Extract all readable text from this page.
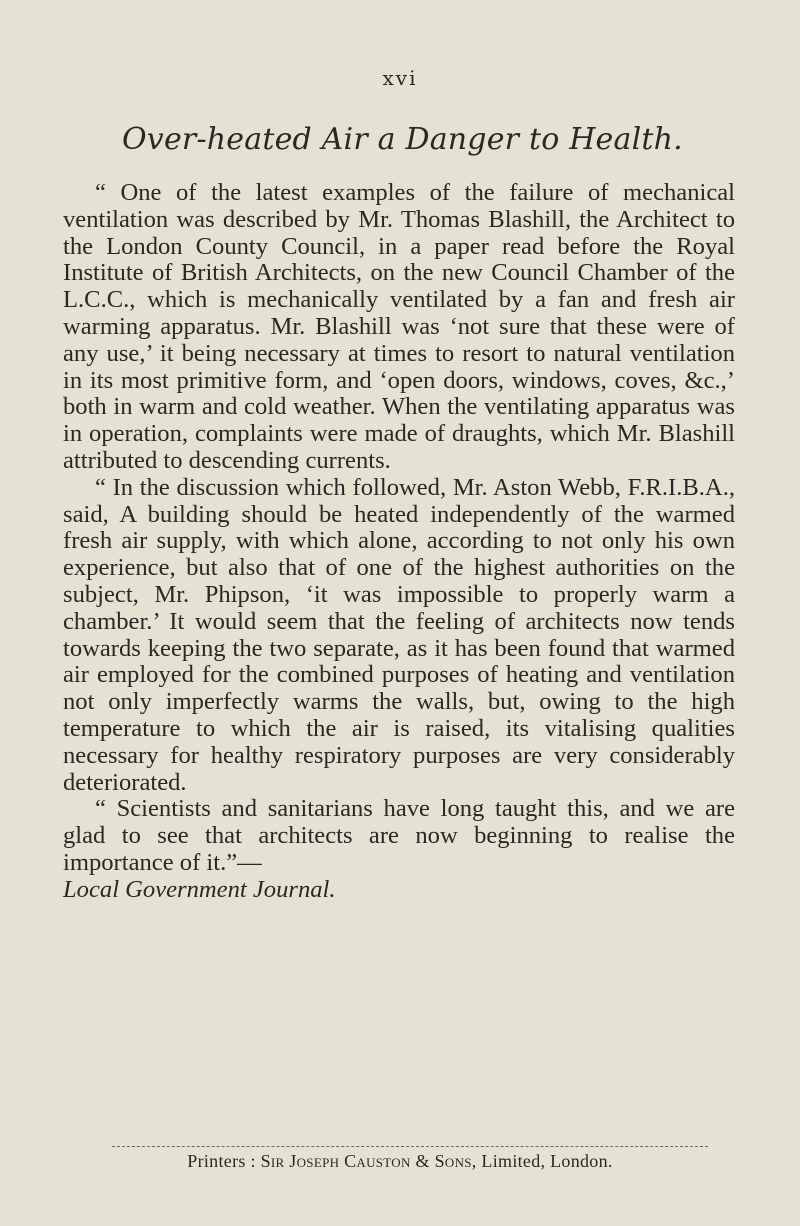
xvi
Over-heated Air a Danger to Health.

“ One of the latest examples of the failure of mechanical ventilation was described by Mr. Thomas Blashill, the Architect to the London County Council, in a paper read before the Royal Institute of British Architects, on the new Council Chamber of the L.C.C., which is mechanically ventilated by a fan and fresh air warming apparatus. Mr. Blashill was ‘not sure that these were of any use,’ it being necessary at times to resort to natural ventilation in its most primitive form, and ‘open doors, windows, coves, &c.,’ both in warm and cold weather. When the ventilating apparatus was in operation, complaints were made of draughts, which Mr. Blashill attributed to descending currents.

“ In the discussion which followed, Mr. Aston Webb, F.R.I.B.A., said, A building should be heated independently of the warmed fresh air supply, with which alone, according to not only his own experience, but also that of one of the highest authorities on the subject, Mr. Phipson, ‘it was impossible to properly warm a chamber.’ It would seem that the feeling of architects now tends towards keeping the two separate, as it has been found that warmed air employed for the combined purposes of heating and ventilation not only imperfectly warms the walls, but, owing to the high temperature to which the air is raised, its vitalising qualities necessary for healthy respiratory purposes are very considerably deteriorated.

“ Scientists and sanitarians have long taught this, and we are glad to see that architects are now beginning to realise the importance of it.”—
Local Government Journal.

Printers : Sir Joseph Causton & Sons, Limited, London.
